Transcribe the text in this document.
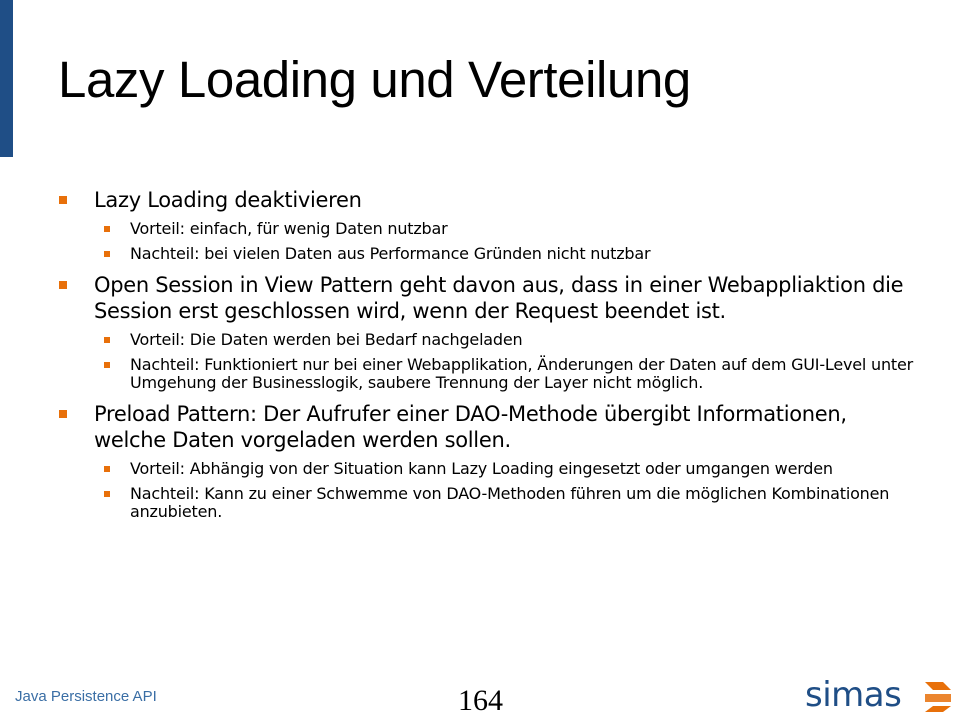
Lazy Loading und Verteilung
Lazy Loading deaktivieren
Vorteil: einfach, für wenig Daten nutzbar
Nachteil: bei vielen Daten aus Performance Gründen nicht nutzbar
Open Session in View Pattern geht davon aus, dass in einer Webappliaktion die Session erst geschlossen wird, wenn der Request beendet ist.
Vorteil: Die Daten werden bei Bedarf nachgeladen
Nachteil: Funktioniert nur bei einer Webapplikation, Änderungen der Daten auf dem GUI-Level unter Umgehung der Businesslogik, saubere Trennung der Layer nicht möglich.
Preload Pattern: Der Aufrufer einer DAO-Methode übergibt Informationen, welche Daten vorgeladen werden sollen.
Vorteil: Abhängig von der Situation kann Lazy Loading eingesetzt oder umgangen werden
Nachteil: Kann zu einer Schwemme von DAO-Methoden führen um die möglichen Kombinationen anzubieten.
Java Persistence API	164	simas
